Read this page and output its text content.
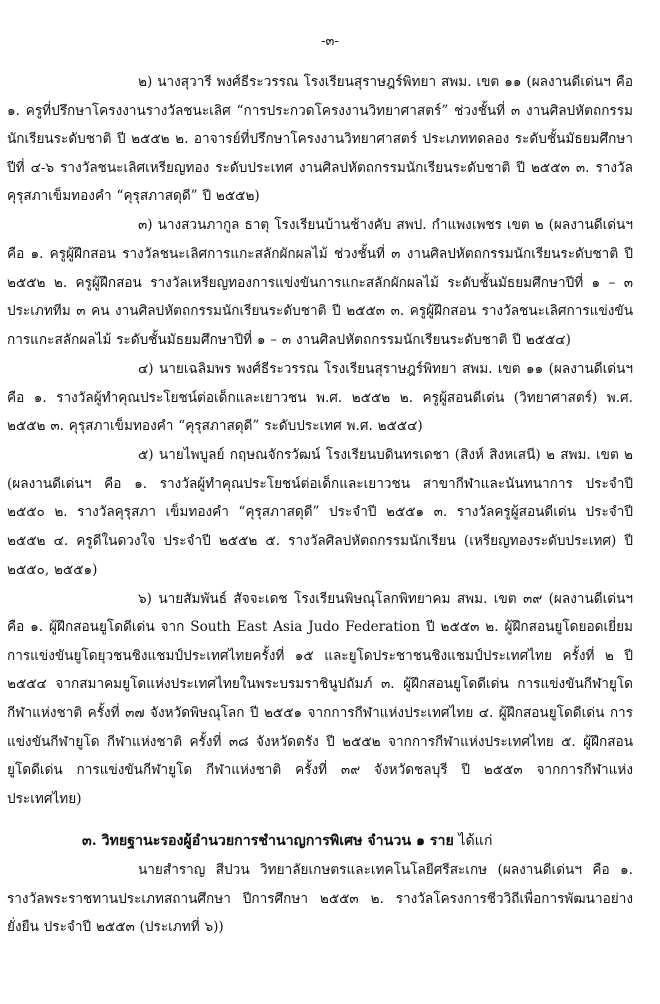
-๓-

๒) นางสุวารี พงศ์ธีระวรรณ โรงเรียนสุราษฎร์พิทยา สพม. เขต ๑๑ (ผลงานดีเด่นฯ คือ ๑. ครูที่ปรึกษาโครงงานรางวัลชนะเลิศ “การประกวดโครงงานวิทยาศาสตร์” ช่วงชั้นที่ ๓ งานศิลปหัตถกรรมนักเรียนระดับชาติ ปี ๒๕๕๒ ๒. อาจารย์ที่ปรึกษาโครงงานวิทยาศาสตร์ ประเภททดลอง ระดับชั้นมัธยมศึกษาปีที่ ๔-๖ รางวัลชนะเลิศเหรียญทอง ระดับประเทศ งานศิลปหัตถกรรมนักเรียนระดับชาติ ปี ๒๕๕๓ ๓. รางวัลคุรุสภาเข็มทองคำ “คุรุสภาสดุดี” ปี ๒๕๕๒)

๓) นางสวนภากูล ธาตุ โรงเรียนบ้านช้างคับ สพป. กำแพงเพชร เขต ๒ (ผลงานดีเด่นฯ คือ ๑. ครูผู้ฝึกสอน รางวัลชนะเลิศการแกะสลักผักผลไม้ ช่วงชั้นที่ ๓ งานศิลปหัตถกรรมนักเรียนระดับชาติ ปี ๒๕๕๒ ๒. ครูผู้ฝึกสอน รางวัลเหรียญทองการแข่งขันการแกะสลักผักผลไม้ ระดับชั้นมัธยมศึกษาปีที่ ๑ – ๓ ประเภททีม ๓ คน งานศิลปหัตถกรรมนักเรียนระดับชาติ ปี ๒๕๕๓ ๓. ครูผู้ฝึกสอน รางวัลชนะเลิศการแข่งขันการแกะสลักผลไม้ ระดับชั้นมัธยมศึกษาปีที่ ๑ – ๓ งานศิลปหัตถกรรมนักเรียนระดับชาติ ปี ๒๕๕๔)

๔) นายเฉลิมพร พงศ์ธีระวรรณ โรงเรียนสุราษฎร์พิทยา สพม. เขต ๑๑ (ผลงานดีเด่นฯ คือ ๑. รางวัลผู้ทำคุณประโยชน์ต่อเด็กและเยาวชน พ.ศ. ๒๕๕๒ ๒. ครูผู้สอนดีเด่น (วิทยาศาสตร์) พ.ศ. ๒๕๕๒ ๓. คุรุสภาเข็มทองคำ “คุรุสภาสดุดี” ระดับประเทศ พ.ศ. ๒๕๕๔)

๕) นายไพบูลย์ กฤษณจักรวัฒน์ โรงเรียนบดินทรเดชา (สิงห์ สิงหเสนี) ๒ สพม. เขต ๒ (ผลงานดีเด่นฯ คือ ๑. รางวัลผู้ทำคุณประโยชน์ต่อเด็กและเยาวชน สาขากีฬาและนันทนาการ ประจำปี ๒๕๕๐ ๒. รางวัลคุรุสภา เข็มทองคำ “คุรุสภาสดุดี” ประจำปี ๒๕๕๑ ๓. รางวัลครูผู้สอนดีเด่น ประจำปี ๒๕๕๒ ๔. ครูดีในดวงใจ ประจำปี ๒๕๕๒ ๕. รางวัลศิลปหัตถกรรมนักเรียน (เหรียญทองระดับประเทศ) ปี ๒๕๕๐, ๒๕๕๑)

๖) นายสัมพันธ์ สัจจะเดช โรงเรียนพิษณุโลกพิทยาคม สพม. เขต ๓๙ (ผลงานดีเด่นฯ คือ ๑. ผู้ฝึกสอนยูโดดีเด่น จาก South East Asia Judo Federation ปี ๒๕๕๓ ๒. ผู้ฝึกสอนยูโดยอดเยี่ยม การแข่งขันยูโดยุวชนชิงแชมป์ประเทศไทยครั้งที่ ๑๕ และยูโดประชาชนชิงแชมป์ประเทศไทย ครั้งที่ ๒ ปี ๒๕๕๔ จากสมาคมยูโดแห่งประเทศไทยในพระบรมราชินูปถัมภ์ ๓. ผู้ฝึกสอนยูโดดีเด่น การแข่งขันกีฬายูโด กีฬาแห่งชาติ ครั้งที่ ๓๗ จังหวัดพิษณุโลก ปี ๒๕๕๑ จากการกีฬาแห่งประเทศไทย ๔. ผู้ฝึกสอนยูโดดีเด่น การแข่งขันกีฬายูโด กีฬาแห่งชาติ ครั้งที่ ๓๘ จังหวัดตรัง ปี ๒๕๕๒ จากการกีฬาแห่งประเทศไทย ๕. ผู้ฝึกสอนยูโดดีเด่น การแข่งขันกีฬายูโด กีฬาแห่งชาติ ครั้งที่ ๓๙ จังหวัดชลบุรี ปี ๒๕๕๓ จากการกีฬาแห่งประเทศไทย)

๓. วิทยฐานะรองผู้อำนวยการชำนาญการพิเศษ จำนวน ๑ ราย ได้แก่

นายสำราญ สีปวน วิทยาลัยเกษตรและเทคโนโลยีศรีสะเกษ (ผลงานดีเด่นฯ คือ ๑. รางวัลพระราชทานประเภทสถานศึกษา ปีการศึกษา ๒๕๕๓ ๒. รางวัลโครงการชีววิถีเพื่อการพัฒนาอย่างยั่งยืน ประจำปี ๒๕๕๓ (ประเภทที่ ๖))
